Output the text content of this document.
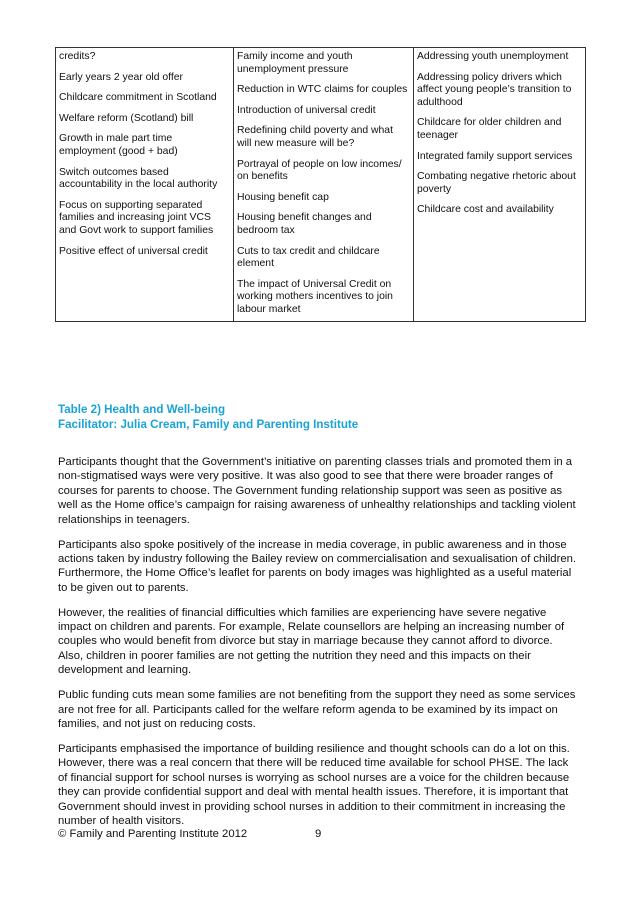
credits?
Early years 2 year old offer
Childcare commitment in Scotland
Welfare reform (Scotland) bill
Growth in male part time employment (good + bad)
Switch outcomes based accountability in the local authority
Focus on supporting separated families and increasing joint VCS and Govt work to support families
Positive effect of universal credit

Family income and youth unemployment pressure
Reduction in WTC claims for couples
Introduction of universal credit
Redefining child poverty and what will new measure will be?
Portrayal of people on low incomes/ on benefits
Housing benefit cap
Housing benefit changes and bedroom tax
Cuts to tax credit and childcare element
The impact of Universal Credit on working mothers incentives to join labour market

Addressing youth unemployment
Addressing policy drivers which affect young people’s transition to adulthood
Childcare for older children and teenager
Integrated family support services
Combating negative rhetoric about poverty
Childcare cost and availability
Table 2) Health and Well-being
Facilitator: Julia Cream, Family and Parenting Institute

Participants thought that the Government’s initiative on parenting classes trials and promoted them in a non-stigmatised ways were very positive. It was also good to see that there were broader ranges of courses for parents to choose. The Government funding relationship support was seen as positive as well as the Home office’s campaign for raising awareness of unhealthy relationships and tackling violent relationships in teenagers.

Participants also spoke positively of the increase in media coverage, in public awareness and in those actions taken by industry following the Bailey review on commercialisation and sexualisation of children. Furthermore, the Home Office’s leaflet for parents on body images was highlighted as a useful material to be given out to parents.

However, the realities of financial difficulties which families are experiencing have severe negative impact on children and parents. For example, Relate counsellors are helping an increasing number of couples who would benefit from divorce but stay in marriage because they cannot afford to divorce. Also, children in poorer families are not getting the nutrition they need and this impacts on their development and learning.

Public funding cuts mean some families are not benefiting from the support they need as some services are not free for all. Participants called for the welfare reform agenda to be examined by its impact on families, and not just on reducing costs.

Participants emphasised the importance of building resilience and thought schools can do a lot on this. However, there was a real concern that there will be reduced time available for school PHSE. The lack of financial support for school nurses is worrying as school nurses are a voice for the children because they can provide confidential support and deal with mental health issues. Therefore, it is important that Government should invest in providing school nurses in addition to their commitment in increasing the number of health visitors.

© Family and Parenting Institute 2012	9
